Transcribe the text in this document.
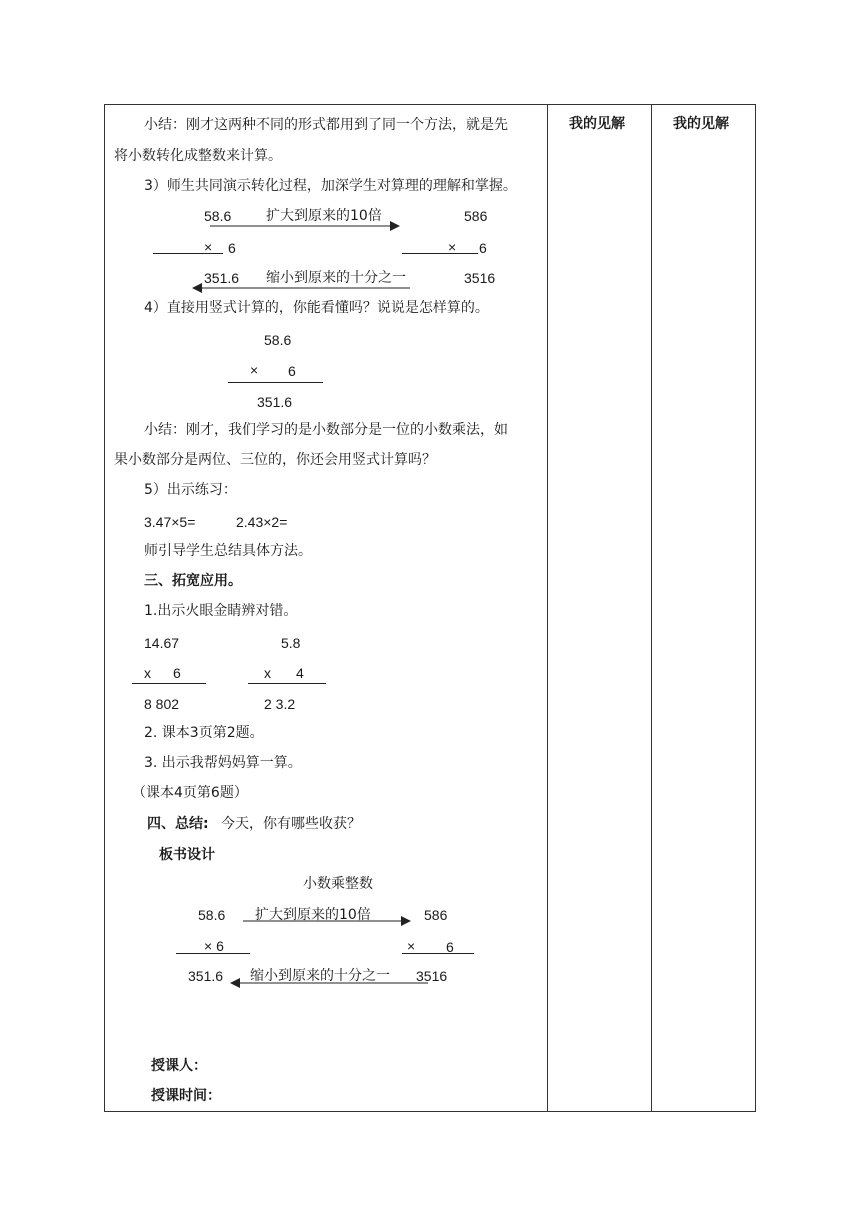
我的见解	我的见解
小结：刚才这两种不同的形式都用到了同一个方法，就是先
将小数转化成整数来计算。
3）师生共同演示转化过程，加深学生对算理的理解和掌握。
58.6 扩大到原来的10倍	586
× 6	× 6
351.6 缩小到原来的十分之一	3516
4）直接用竖式计算的，你能看懂吗？说说是怎样算的。
58.6
× 6
351.6
小结：刚才，我们学习的是小数部分是一位的小数乘法，如
果小数部分是两位、三位的，你还会用竖式计算吗？
5）出示练习：
3.47×5=	2.43×2=
师引导学生总结具体方法。
三、拓宽应用。
1.出示火眼金睛辨对错。
14.67
x 6
8 802
5.8
x 4
2 3.2
2. 课本3页第2题。
3. 出示我帮妈妈算一算。
（课本4页第6题）
四、总结: 今天，你有哪些收获？
板书设计
小数乘整数
58.6 扩大到原来的10倍	586
× 6	× 6
351.6 缩小到原来的十分之一 3516
授课人：
授课时间：
